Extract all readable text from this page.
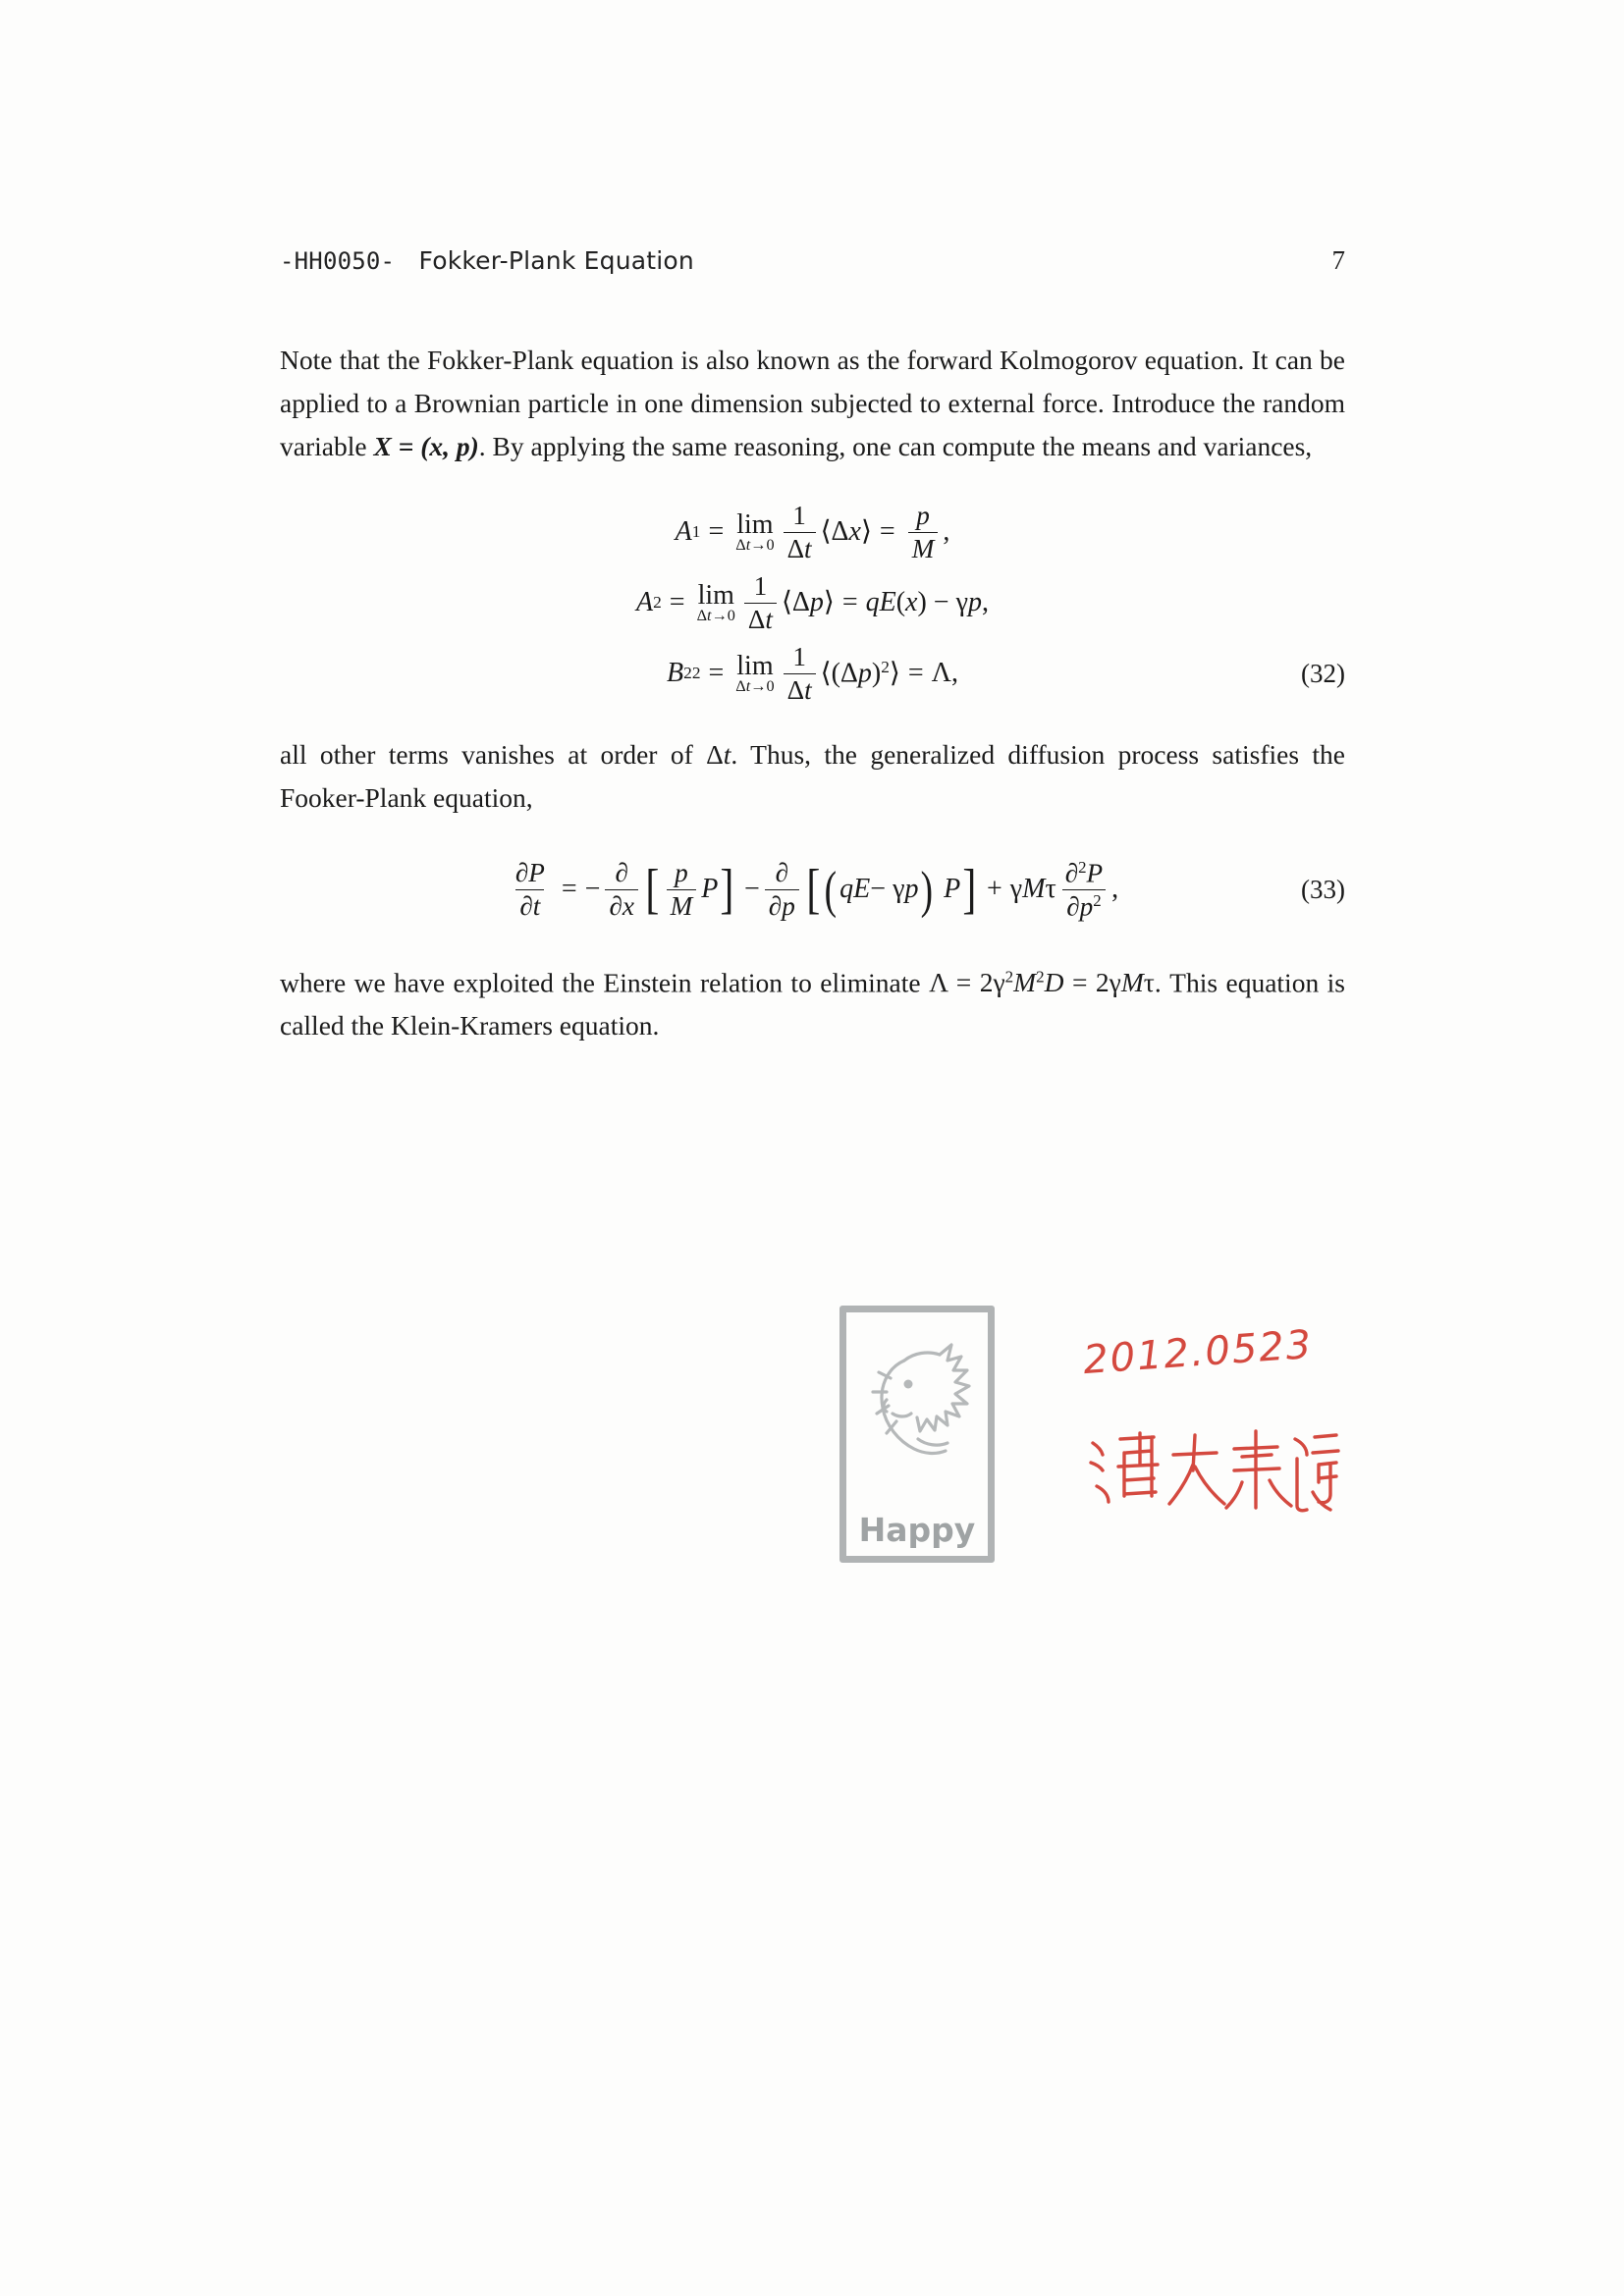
-HH0050- Fokker-Plank Equation	7

Note that the Fokker-Plank equation is also known as the forward Kolmogorov equation. It can be applied to a Brownian particle in one dimension subjected to external force. Introduce the random variable X = (x, p). By applying the same reasoning, one can compute the means and variances,

A 1 = lim
$\Delta t\to 0 \frac{1}{\Delta t}$ ⟨Δx⟩ = $\frac{p}{M}$ ,
A 2 = lim
$\Delta t\to 0 \frac{1}{\Delta t}$ ⟨Δp⟩ = qE(x) − γp,
B 22 = lim
$\Delta t\to 0 \frac{1}{\Delta t}$ $⟨(\Delta p)^2⟩ = \Lambda$,	(32)

all other terms vanishes at order of Δt. Thus, the generalized diffusion process satisfies the Fooker-Plank equation,

$\frac{\partial P}{\partial t}$ = − $\frac{\partial}{\partial x}$ [ $\frac{p}{M}$ P ] − $\frac{\partial}{\partial p}$ [ ( qE − γ p ) P ] + γMτ $\frac{\partial^2P}{\partial p^2}$ ,	(33)

where we have exploited the Einstein relation to eliminate $\Lambda = 2\gamma^2M^2D = 2\gamma M\tau$. This equation is called the Klein-Kramers equation.

Happy
2012.0523
